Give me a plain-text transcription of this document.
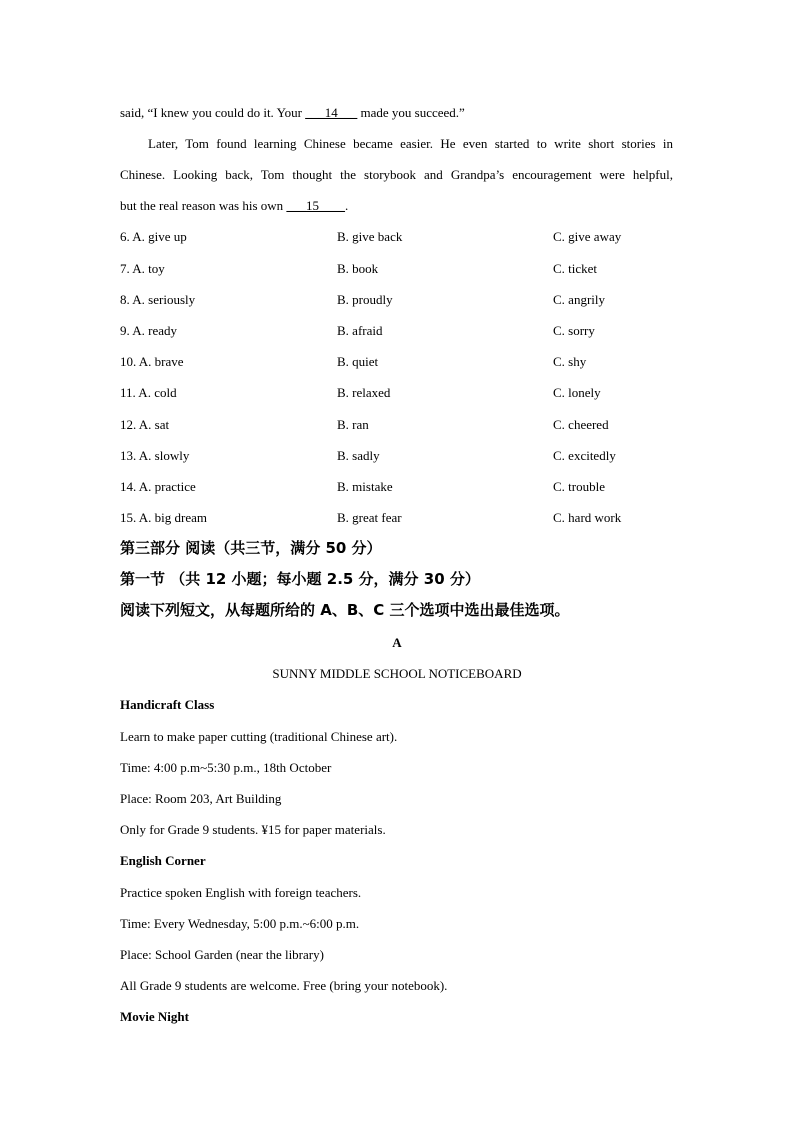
said, “I knew you could do it. Your ___14___ made you succeed.”
Later, Tom found learning Chinese became easier. He even started to write short stories in
Chinese. Looking back, Tom thought the storybook and Grandpa’s encouragement were helpful,
but the real reason was his own ___15____.
6. A. give up	B. give back	C. give away
7. A. toy	B. book	C. ticket
8. A. seriously	B. proudly	C. angrily
9. A. ready	B. afraid	C. sorry
10. A. brave	B. quiet	C. shy
11. A. cold	B. relaxed	C. lonely
12. A. sat	B. ran	C. cheered
13. A. slowly	B. sadly	C. excitedly
14. A. practice	B. mistake	C. trouble
15. A. big dream	B. great fear	C. hard work
第三部分 阅读（共三节，满分 50 分）
第一节 （共 12 小题；每小题 2.5 分，满分 30 分）
阅读下列短文，从每题所给的 A、B、C 三个选项中选出最佳选项。
A
SUNNY MIDDLE SCHOOL NOTICEBOARD
Handicraft Class
Learn to make paper cutting (traditional Chinese art).
Time: 4:00 p.m~5:30 p.m., 18th October
Place: Room 203, Art Building
Only for Grade 9 students. ¥15 for paper materials.
English Corner
Practice spoken English with foreign teachers.
Time: Every Wednesday, 5:00 p.m.~6:00 p.m.
Place: School Garden (near the library)
All Grade 9 students are welcome. Free (bring your notebook).
Movie Night
